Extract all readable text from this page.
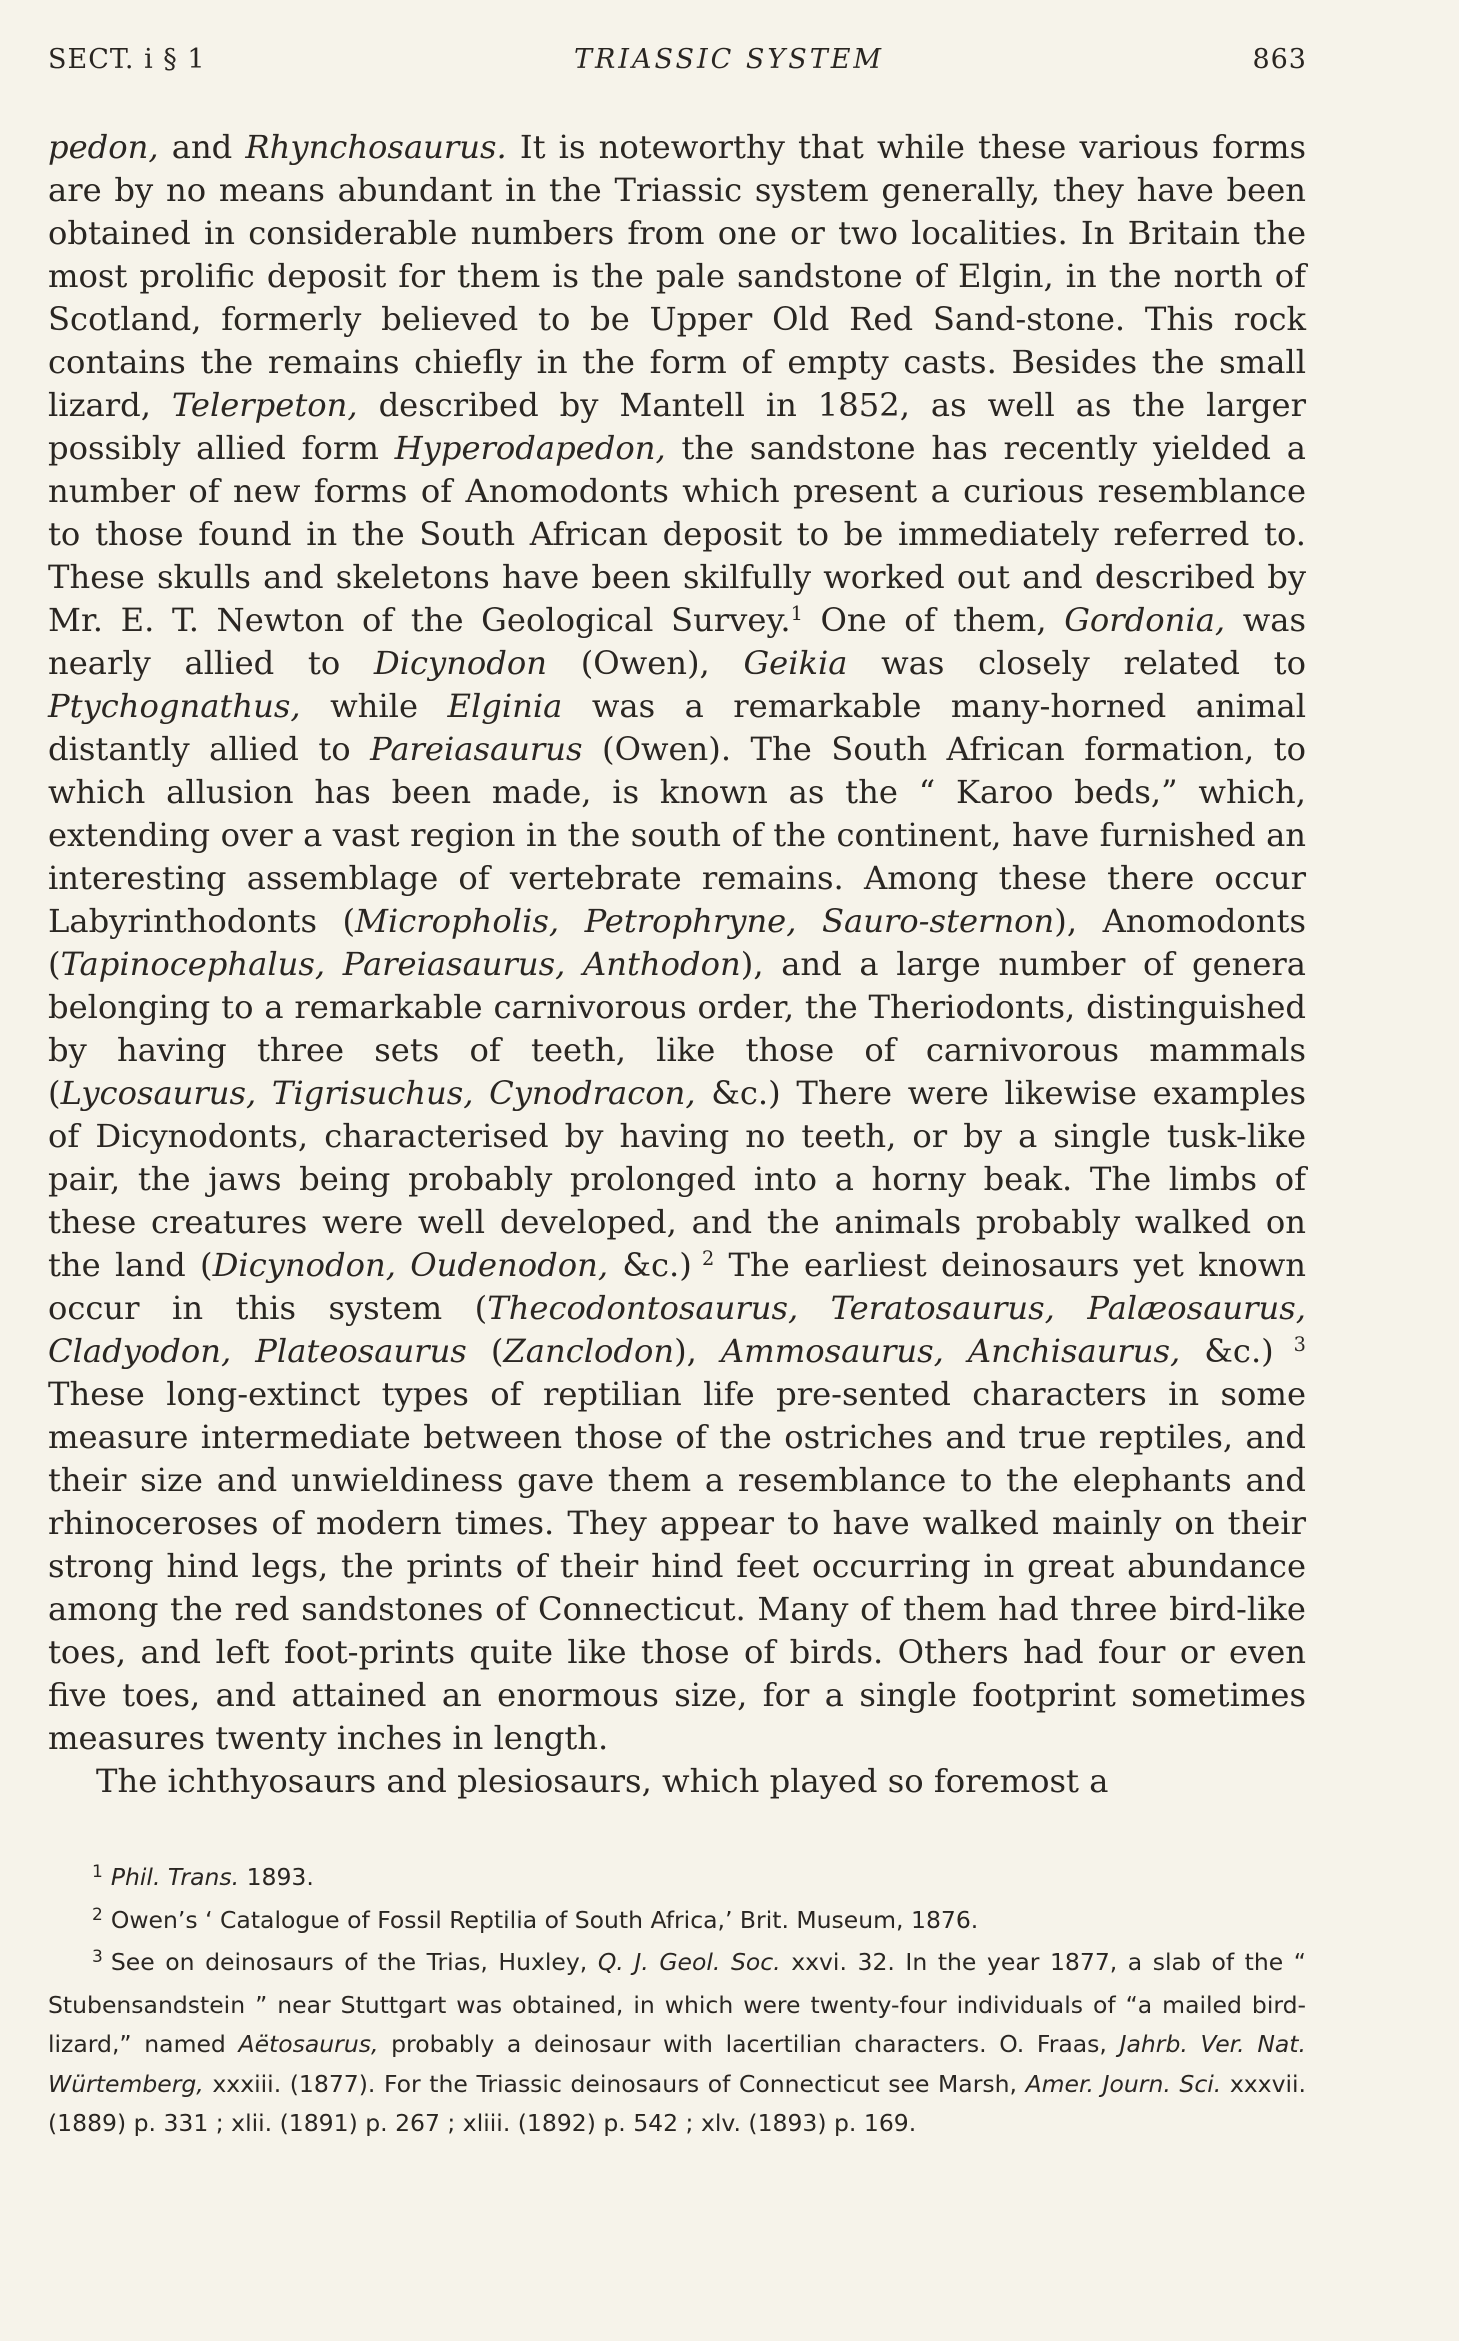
SECT. i § 1	TRIASSIC SYSTEM	863

pedon, and Rhynchosaurus. It is noteworthy that while these various forms are by no means abundant in the Triassic system generally, they have been obtained in considerable numbers from one or two localities. In Britain the most prolific deposit for them is the pale sandstone of Elgin, in the north of Scotland, formerly believed to be Upper Old Red Sand-stone. This rock contains the remains chiefly in the form of empty casts. Besides the small lizard, Telerpeton, described by Mantell in 1852, as well as the larger possibly allied form Hyperodapedon, the sandstone has recently yielded a number of new forms of Anomodonts which present a curious resemblance to those found in the South African deposit to be immediately referred to. These skulls and skeletons have been skilfully worked out and described by Mr. E. T. Newton of the Geological Survey.$^1$ One of them, Gordonia, was nearly allied to Dicynodon (Owen), Geikia was closely related to Ptychognathus, while Elginia was a remarkable many-horned animal distantly allied to Pareiasaurus (Owen). The South African formation, to which allusion has been made, is known as the “ Karoo beds,” which, extending over a vast region in the south of the continent, have furnished an interesting assemblage of vertebrate remains. Among these there occur Labyrinthodonts (Micropholis, Petrophryne, Sauro-sternon), Anomodonts (Tapinocephalus, Pareiasaurus, Anthodon), and a large number of genera belonging to a remarkable carnivorous order, the Theriodonts, distinguished by having three sets of teeth, like those of carnivorous mammals (Lycosaurus, Tigrisuchus, Cynodracon, &c.) There were likewise examples of Dicynodonts, characterised by having no teeth, or by a single tusk-like pair, the jaws being probably prolonged into a horny beak. The limbs of these creatures were well developed, and the animals probably walked on the land (Dicynodon, Oudenodon, &c.) $^2$ The earliest deinosaurs yet known occur in this system (Thecodontosaurus, Teratosaurus, Palæosaurus, Cladyodon, Plateosaurus (Zanclodon), Ammosaurus, Anchisaurus, &c.) $^3$ These long-extinct types of reptilian life pre-sented characters in some measure intermediate between those of the ostriches and true reptiles, and their size and unwieldiness gave them a resemblance to the elephants and rhinoceroses of modern times. They appear to have walked mainly on their strong hind legs, the prints of their hind feet occurring in great abundance among the red sandstones of Connecticut. Many of them had three bird-like toes, and left foot-prints quite like those of birds. Others had four or even five toes, and attained an enormous size, for a single footprint sometimes measures twenty inches in length.

The ichthyosaurs and plesiosaurs, which played so foremost a

$^1$ Phil. Trans. 1893.

$^2$ Owen’s ‘ Catalogue of Fossil Reptilia of South Africa,’ Brit. Museum, 1876.

$^3$ See on deinosaurs of the Trias, Huxley, Q. J. Geol. Soc. xxvi. 32. In the year 1877, a slab of the “ Stubensandstein ” near Stuttgart was obtained, in which were twenty-four individuals of “a mailed bird-lizard,” named Aëtosaurus, probably a deinosaur with lacertilian characters. O. Fraas, Jahrb. Ver. Nat. Würtemberg, xxxiii. (1877). For the Triassic deinosaurs of Connecticut see Marsh, Amer. Journ. Sci. xxxvii. (1889) p. 331 ; xlii. (1891) p. 267 ; xliii. (1892) p. 542 ; xlv. (1893) p. 169.
